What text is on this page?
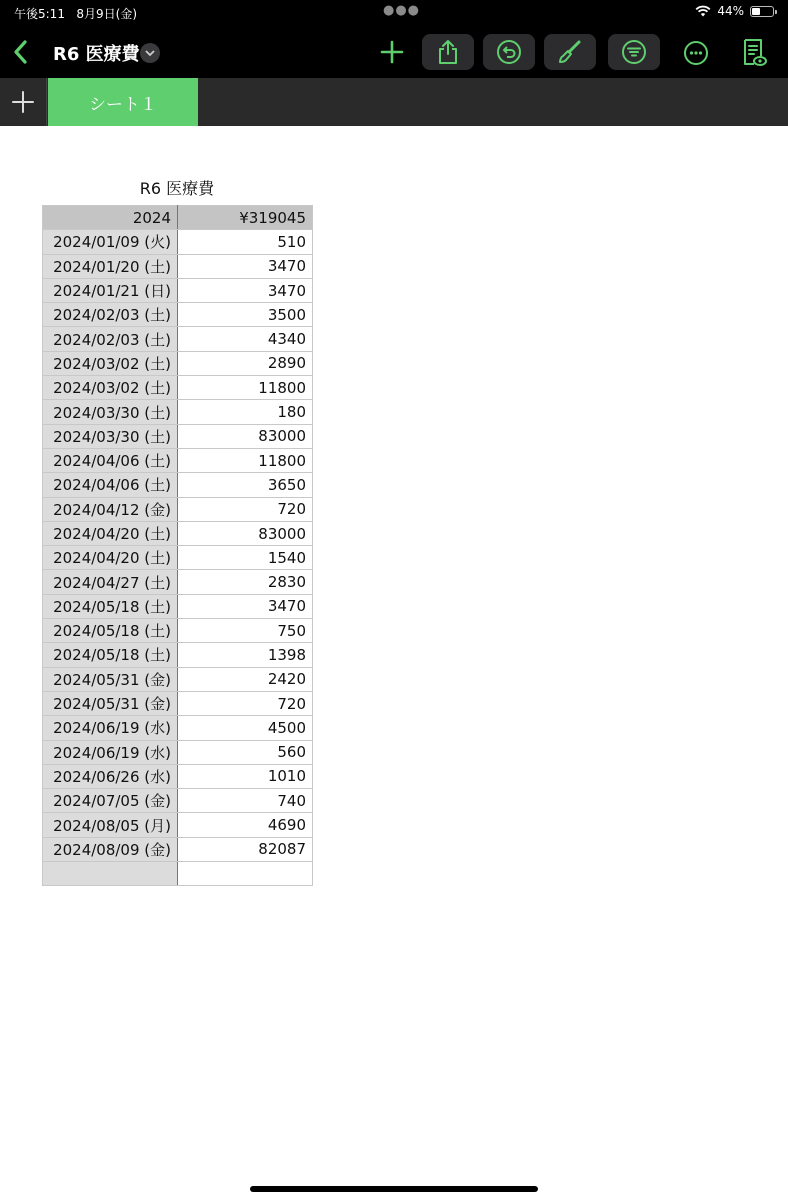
午後5:11 8月9日(金)	●●●	44%
R6 医療費
シート１
R6 医療費
2024	¥319045
2024/01/09 (火)	510
2024/01/20 (土)	3470
2024/01/21 (日)	3470
2024/02/03 (土)	3500
2024/02/03 (土)	4340
2024/03/02 (土)	2890
2024/03/02 (土)	11800
2024/03/30 (土)	180
2024/03/30 (土)	83000
2024/04/06 (土)	11800
2024/04/06 (土)	3650
2024/04/12 (金)	720
2024/04/20 (土)	83000
2024/04/20 (土)	1540
2024/04/27 (土)	2830
2024/05/18 (土)	3470
2024/05/18 (土)	750
2024/05/18 (土)	1398
2024/05/31 (金)	2420
2024/05/31 (金)	720
2024/06/19 (水)	4500
2024/06/19 (水)	560
2024/06/26 (水)	1010
2024/07/05 (金)	740
2024/08/05 (月)	4690
2024/08/09 (金)	82087
